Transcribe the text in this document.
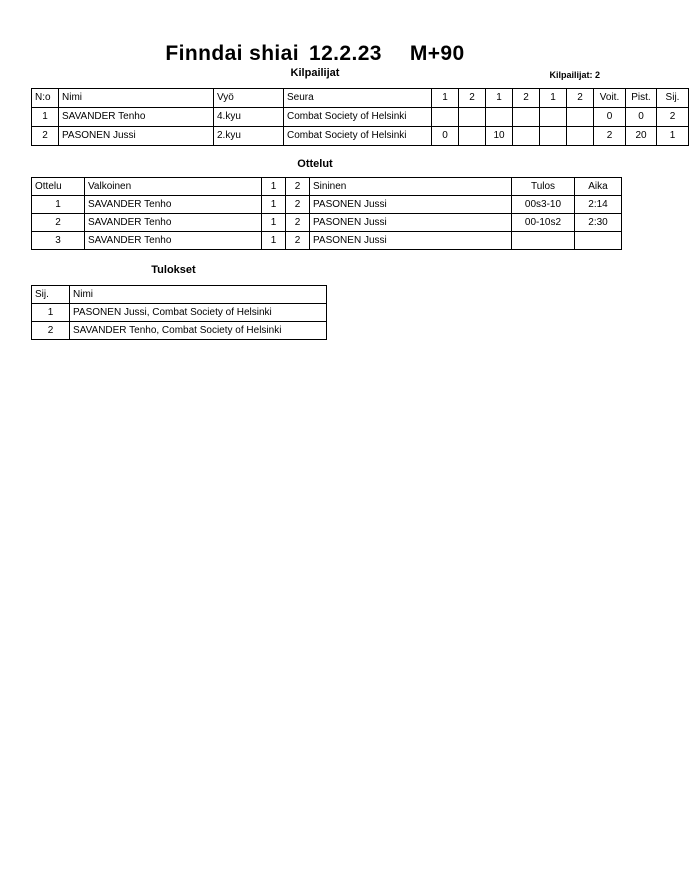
Finndai shiai 12.2.23 M+90
Kilpailijat	Kilpailijat: 2
N:o	Nimi	Vyö	Seura	1	2	1	2	1	2	Voit.	Pist.	Sij.
1	SAVANDER Tenho	4.kyu	Combat Society of Helsinki							0	0	2
2	PASONEN Jussi	2.kyu	Combat Society of Helsinki	0		10				2	20	1
Ottelut
Ottelu	Valkoinen	1	2	Sininen	Tulos	Aika
1	SAVANDER Tenho	1	2	PASONEN Jussi	00s3-10	2:14
2	SAVANDER Tenho	1	2	PASONEN Jussi	00-10s2	2:30
3	SAVANDER Tenho	1	2	PASONEN Jussi		
Tulokset
Sij.	Nimi
1	PASONEN Jussi, Combat Society of Helsinki
2	SAVANDER Tenho, Combat Society of Helsinki
